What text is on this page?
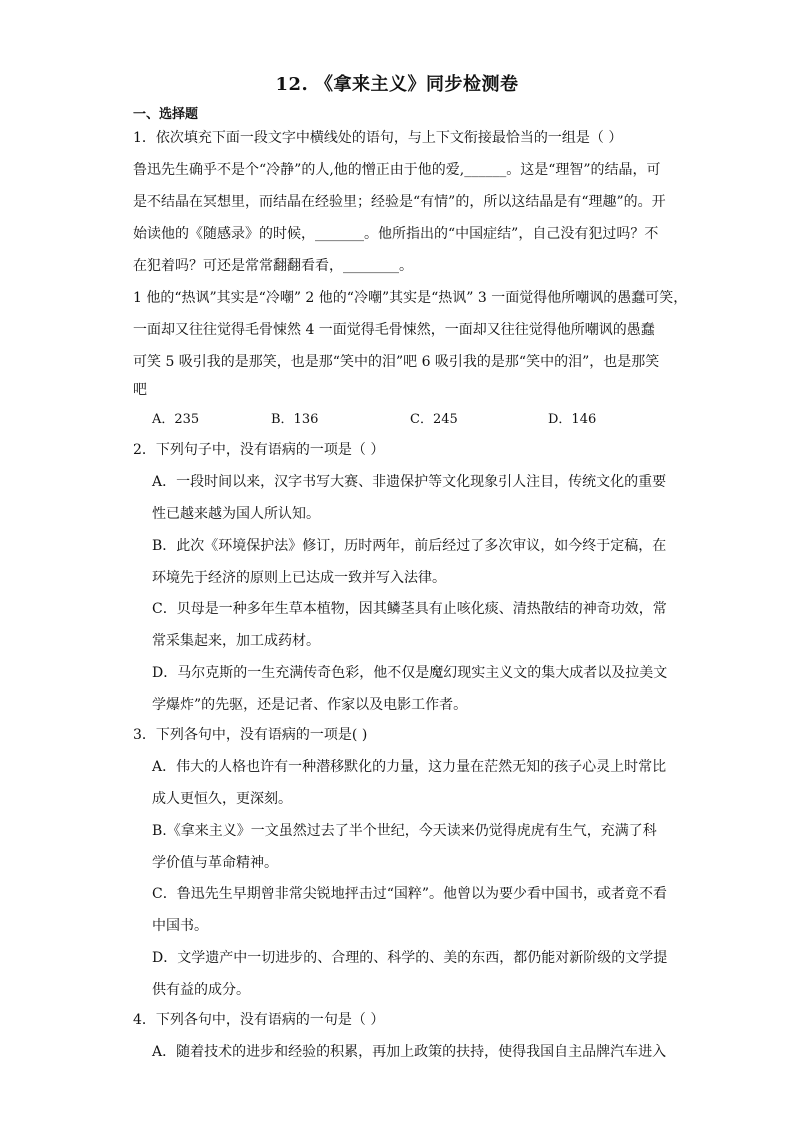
12. 《拿来主义》同步检测卷
一、选择题
1．依次填充下面一段文字中横线处的语句，与上下文衔接最恰当的一组是（ ）
鲁迅先生确乎不是个“冷静”的人,他的憎正由于他的爱,______。这是“理智”的结晶，可
是不结晶在冥想里，而结晶在经验里；经验是“有情”的，所以这结晶是有“理趣”的。开
始读他的《随感录》的时候，_______。他所指出的“中国症结”，自己没有犯过吗？不
在犯着吗？可还是常常翻翻看看，________。
1 他的“热讽”其实是“冷嘲” 2 他的“冷嘲”其实是“热讽” 3 一面觉得他所嘲讽的愚蠢可笑，
一面却又往往觉得毛骨悚然 4 一面觉得毛骨悚然，一面却又往往觉得他所嘲讽的愚蠢
可笑 5 吸引我的是那笑，也是那“笑中的泪”吧 6 吸引我的是那“笑中的泪”，也是那笑
吧
A．235	B．136	C．245	D．146
2．下列句子中，没有语病的一项是（ ）
A．一段时间以来，汉字书写大赛、非遗保护等文化现象引人注目，传统文化的重要
性已越来越为国人所认知。
B．此次《环境保护法》修订，历时两年，前后经过了多次审议，如今终于定稿，在
环境先于经济的原则上已达成一致并写入法律。
C．贝母是一种多年生草本植物，因其鳞茎具有止咳化痰、清热散结的神奇功效，常
常采集起来，加工成药材。
D．马尔克斯的一生充满传奇色彩，他不仅是魔幻现实主义文的集大成者以及拉美文
学爆炸”的先驱，还是记者、作家以及电影工作者。
3．下列各句中，没有语病的一项是( )
A．伟大的人格也许有一种潜移默化的力量，这力量在茫然无知的孩子心灵上时常比
成人更恒久，更深刻。
B.《拿来主义》一文虽然过去了半个世纪，今天读来仍觉得虎虎有生气，充满了科
学价值与革命精神。
C．鲁迅先生早期曾非常尖锐地抨击过“国粹”。他曾以为要少看中国书，或者竟不看
中国书。
D．文学遗产中一切进步的、合理的、科学的、美的东西，都仍能对新阶级的文学提
供有益的成分。
4．下列各句中，没有语病的一句是（ ）
A．随着技术的进步和经验的积累，再加上政策的扶持，使得我国自主品牌汽车进入
